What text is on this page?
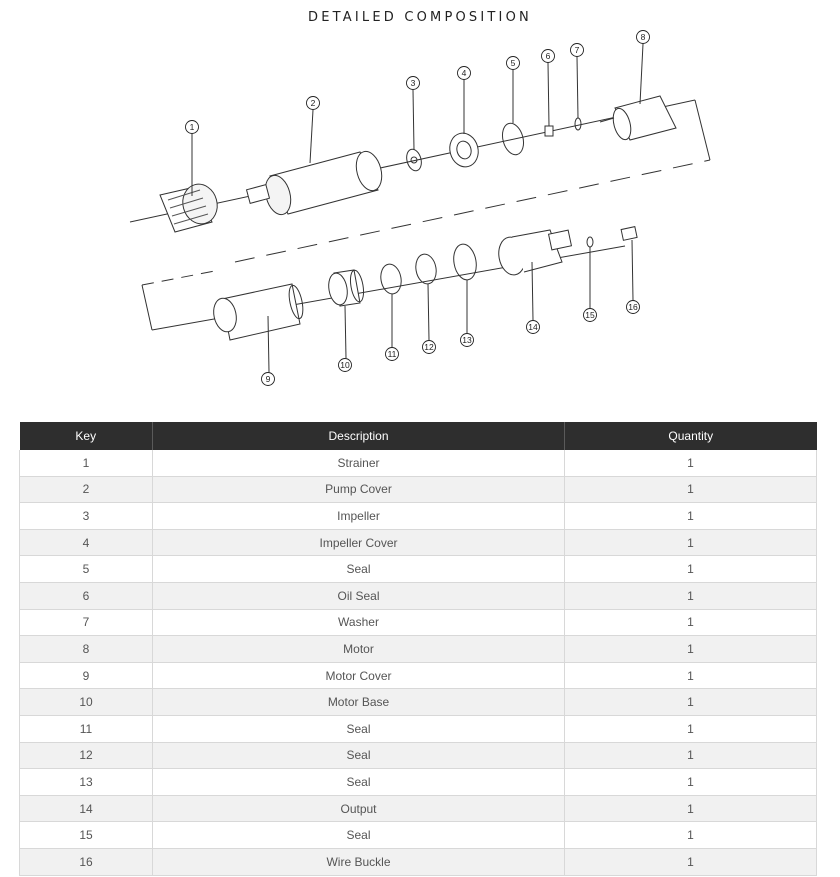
DETAILED COMPOSITION
1
2
3
4
5
6
7
8
9
10
11
12
13
14
15
16
Key	Description	Quantity
1	Strainer	1
2	Pump Cover	1
3	Impeller	1
4	Impeller Cover	1
5	Seal	1
6	Oil Seal	1
7	Washer	1
8	Motor	1
9	Motor Cover	1
10	Motor Base	1
11	Seal	1
12	Seal	1
13	Seal	1
14	Output	1
15	Seal	1
16	Wire Buckle	1
